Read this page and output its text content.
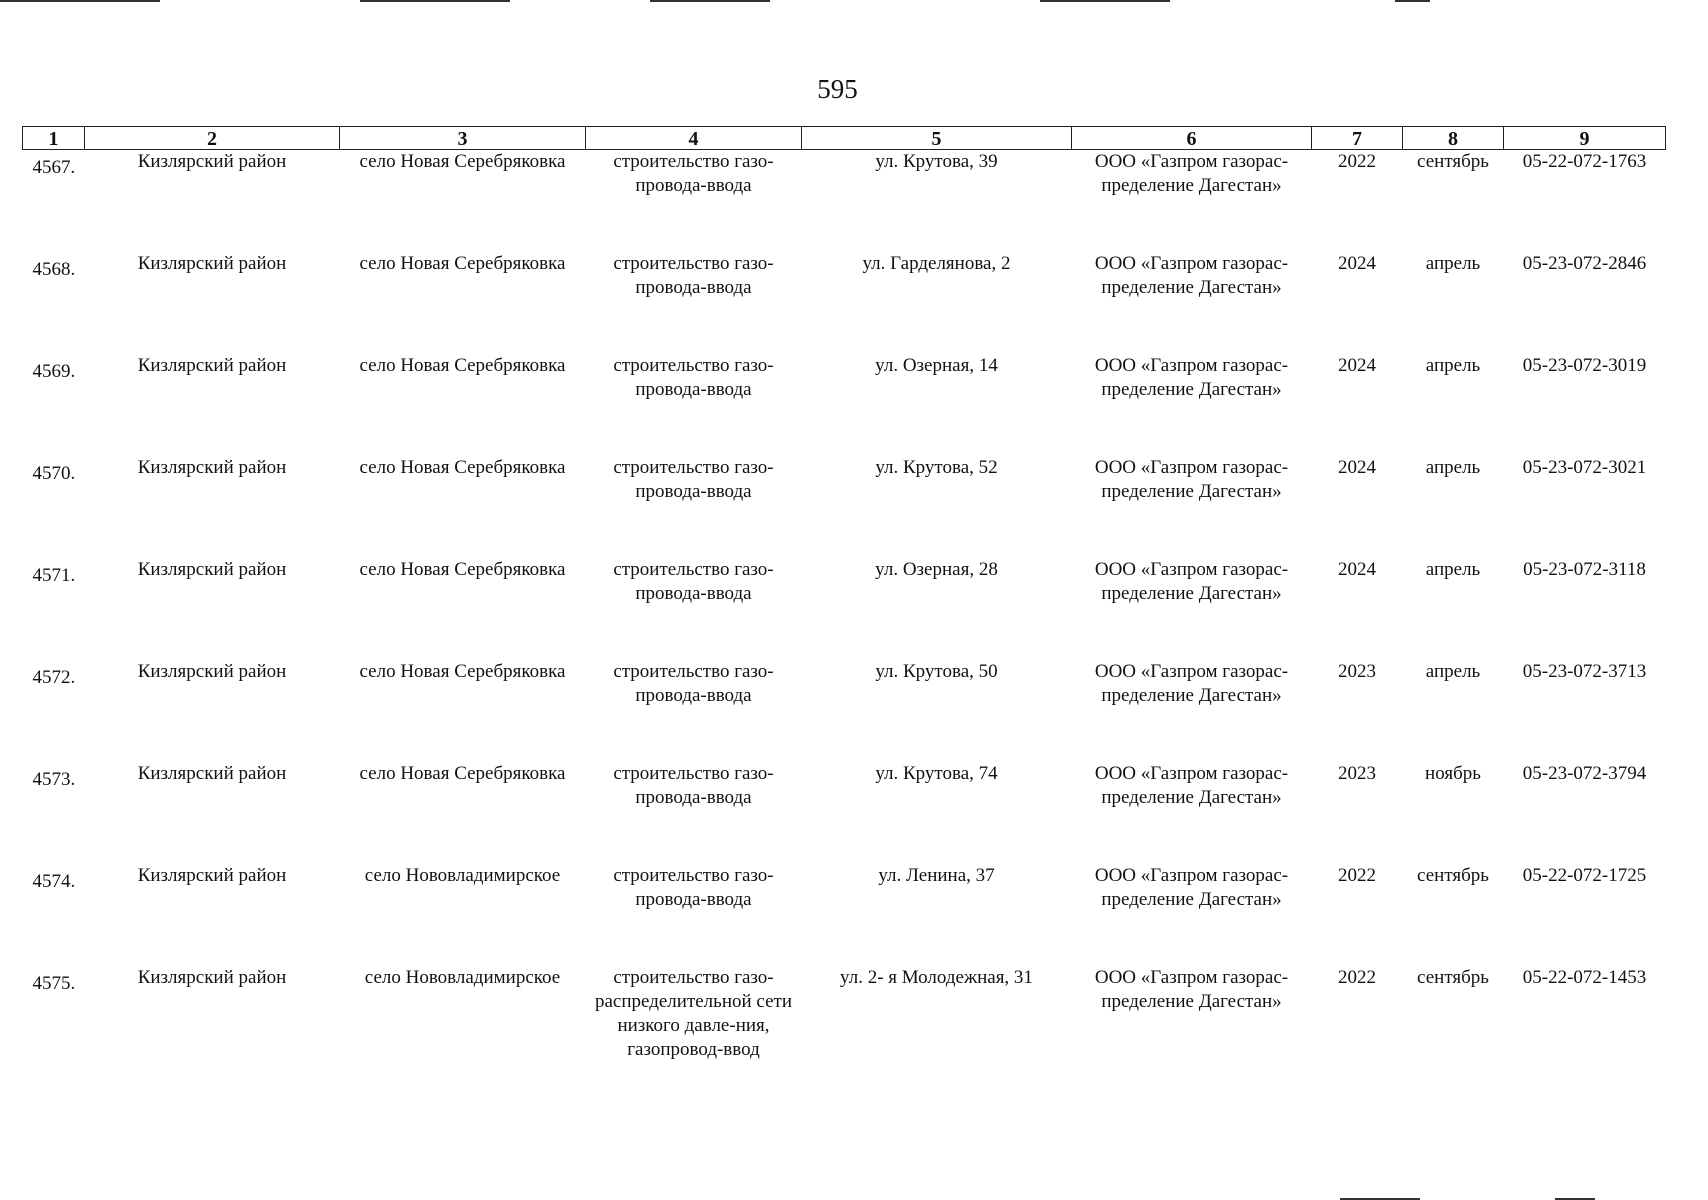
595
1	2	3	4	5	6	7	8	9
4567.	Кизлярский район	село Новая Серебряковка	строительство газо-провода-ввода	ул. Крутова, 39	ООО «Газпром газорас-пределение Дагестан»	2022	сентябрь	05-22-072-1763
4568.	Кизлярский район	село Новая Серебряковка	строительство газо-провода-ввода	ул. Гарделянова, 2	ООО «Газпром газорас-пределение Дагестан»	2024	апрель	05-23-072-2846
4569.	Кизлярский район	село Новая Серебряковка	строительство газо-провода-ввода	ул. Озерная, 14	ООО «Газпром газорас-пределение Дагестан»	2024	апрель	05-23-072-3019
4570.	Кизлярский район	село Новая Серебряковка	строительство газо-провода-ввода	ул. Крутова, 52	ООО «Газпром газорас-пределение Дагестан»	2024	апрель	05-23-072-3021
4571.	Кизлярский район	село Новая Серебряковка	строительство газо-провода-ввода	ул. Озерная, 28	ООО «Газпром газорас-пределение Дагестан»	2024	апрель	05-23-072-3118
4572.	Кизлярский район	село Новая Серебряковка	строительство газо-провода-ввода	ул. Крутова, 50	ООО «Газпром газорас-пределение Дагестан»	2023	апрель	05-23-072-3713
4573.	Кизлярский район	село Новая Серебряковка	строительство газо-провода-ввода	ул. Крутова, 74	ООО «Газпром газорас-пределение Дагестан»	2023	ноябрь	05-23-072-3794
4574.	Кизлярский район	село Нововладимирское	строительство газо-провода-ввода	ул. Ленина, 37	ООО «Газпром газорас-пределение Дагестан»	2022	сентябрь	05-22-072-1725
4575.	Кизлярский район	село Нововладимирское	строительство газо-распределительной сети низкого давле-ния, газопровод-ввод	ул. 2- я Молодежная, 31	ООО «Газпром газорас-пределение Дагестан»	2022	сентябрь	05-22-072-1453
